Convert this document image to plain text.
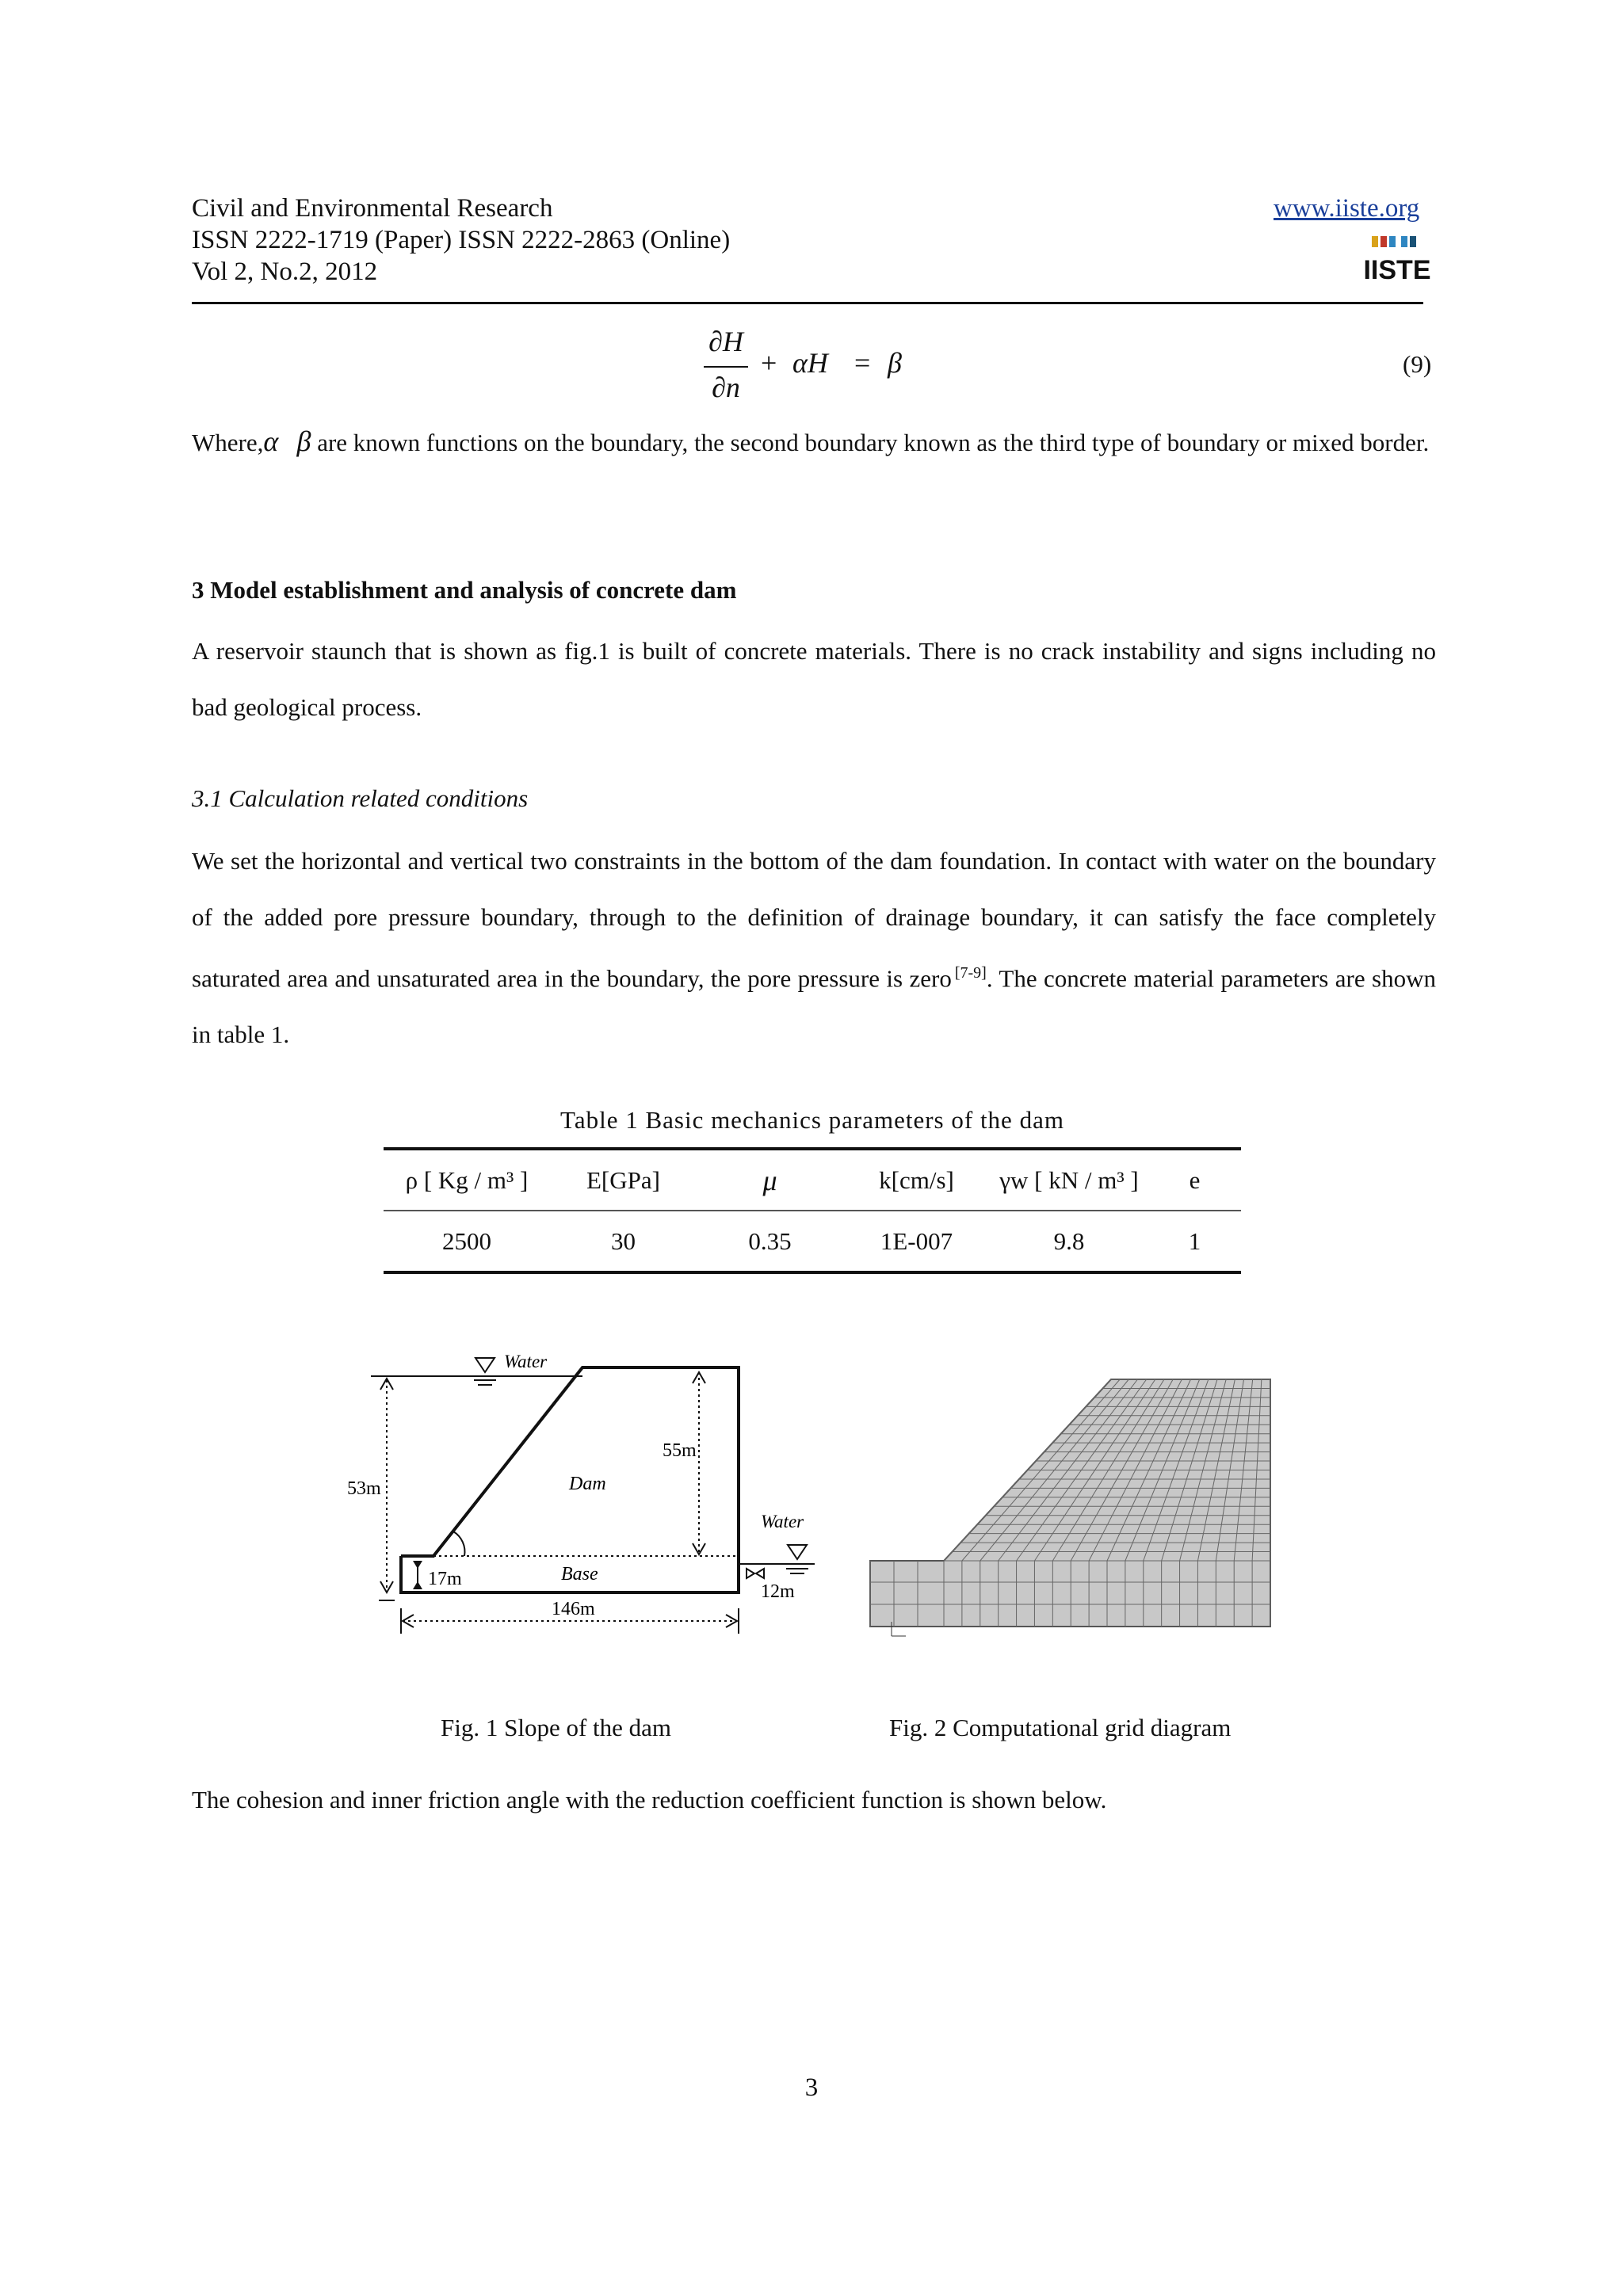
Civil and Environmental Research
ISSN 2222-1719 (Paper) ISSN 2222-2863 (Online)
Vol 2, No.2, 2012
www.iiste.org
IISTE
∂H
∂n
+ αH = β	(9)
Where,α β are known functions on the boundary, the second boundary known as the third type of boundary or mixed border.
3 Model establishment and analysis of concrete dam
A reservoir staunch that is shown as fig.1 is built of concrete materials. There is no crack instability and signs including no bad geological process.
3.1 Calculation related conditions
We set the horizontal and vertical two constraints in the bottom of the dam foundation. In contact with water on the boundary of the added pore pressure boundary, through to the definition of drainage boundary, it can satisfy the face completely saturated area and unsaturated area in the boundary, the pore pressure is zero [7-9]. The concrete material parameters are shown in table 1.
Table 1 Basic mechanics parameters of the dam
ρ [ Kg / m³ ]	E[GPa]	μ	k[cm/s]	γw [ kN / m³ ]	e
2500	30	0.35	1E-007	9.8	1
Water
Water
Dam
Base
53m
55m
17m
12m
146m
Fig. 1 Slope of the dam	Fig. 2 Computational grid diagram
The cohesion and inner friction angle with the reduction coefficient function is shown below.
3
